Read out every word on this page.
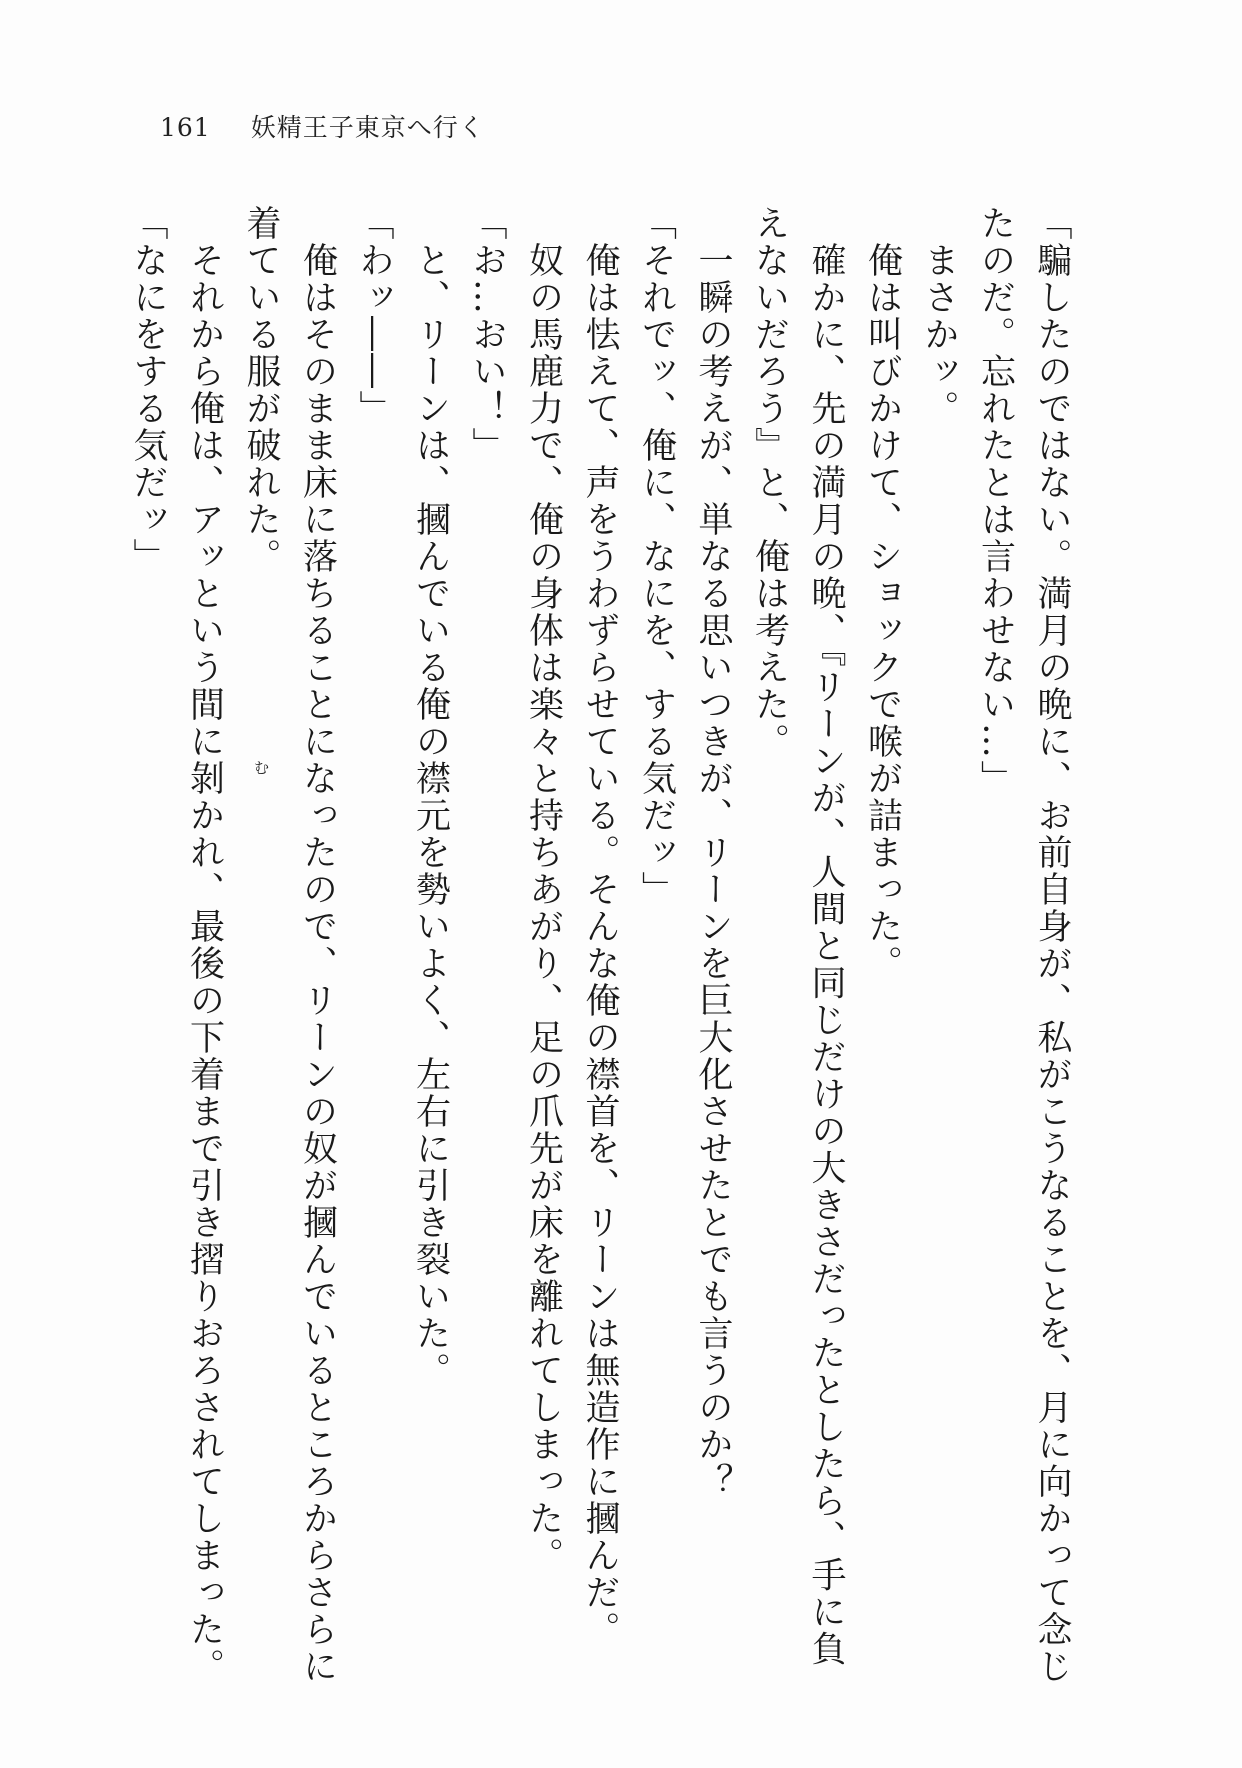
161 妖精王子東京へ行く
「騙したのではない。満月の晩に、お前自身が、私がこうなることを、月に向かって念じ
たのだ。忘れたとは言わせない…」
　まさかッ。
　俺は叫びかけて、ショックで喉が詰まった。
　確かに、先の満月の晩、『リーンが、人間と同じだけの大きさだったとしたら、手に負
えないだろう』と、俺は考えた。
　一瞬の考えが、単なる思いつきが、リーンを巨大化させたとでも言うのか？
「それでッ、俺に、なにを、する気だッ」
　俺は怯えて、声をうわずらせている。そんな俺の襟首を、リーンは無造作に摑んだ。
　奴の馬鹿力で、俺の身体は楽々と持ちあがり、足の爪先が床を離れてしまった。
「お…おい！」
　と、リーンは、摑んでいる俺の襟元を勢いよく、左右に引き裂いた。
「わッ――」
　俺はそのまま床に落ちることになったので、リーンの奴が摑んでいるところからさらに
着ている服が破れた。
　それから俺は、アッという間に剝かれ、最後の下着まで引き摺りおろされてしまった。
「なにをする気だッ」
む
